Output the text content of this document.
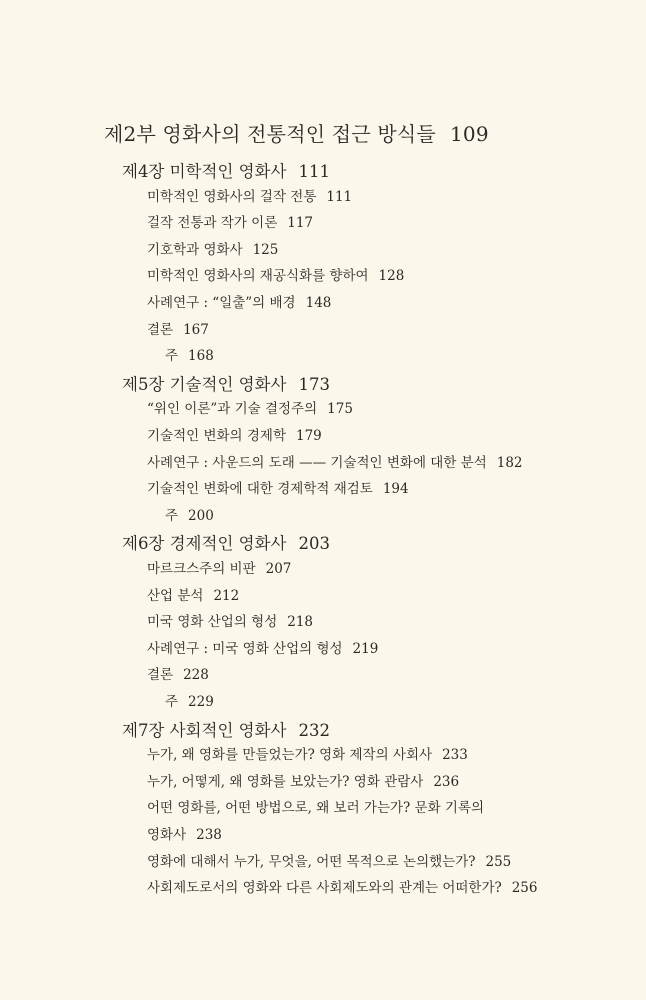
제2부 영화사의 전통적인 접근 방식들 109
제4장 미학적인 영화사 111
미학적인 영화사의 걸작 전통 111
걸작 전통과 작가 이론 117
기호학과 영화사 125
미학적인 영화사의 재공식화를 향하여 128
사례연구 : “일출”의 배경 148
결론 167
주 168
제5장 기술적인 영화사 173
“위인 이론”과 기술 결정주의 175
기술적인 변화의 경제학 179
사례연구 : 사운드의 도래 —— 기술적인 변화에 대한 분석 182
기술적인 변화에 대한 경제학적 재검토 194
주 200
제6장 경제적인 영화사 203
마르크스주의 비판 207
산업 분석 212
미국 영화 산업의 형성 218
사례연구 : 미국 영화 산업의 형성 219
결론 228
주 229
제7장 사회적인 영화사 232
누가, 왜 영화를 만들었는가? 영화 제작의 사회사 233
누가, 어떻게, 왜 영화를 보았는가? 영화 관람사 236
어떤 영화를, 어떤 방법으로, 왜 보러 가는가? 문화 기록의
영화사 238
영화에 대해서 누가, 무엇을, 어떤 목적으로 논의했는가? 255
사회제도로서의 영화와 다른 사회제도와의 관계는 어떠한가? 256
